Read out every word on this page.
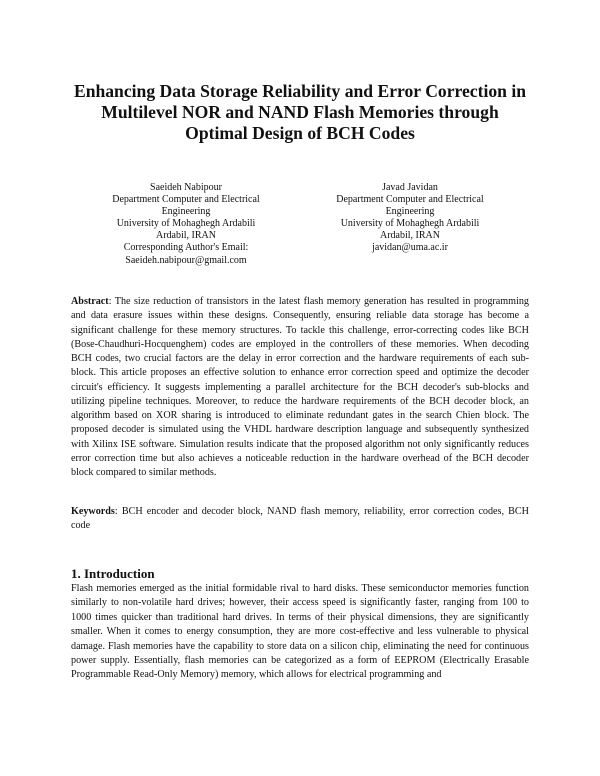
Enhancing Data Storage Reliability and Error Correction in
Multilevel NOR and NAND Flash Memories through
Optimal Design of BCH Codes
Saeideh Nabipour
Department Computer and Electrical
Engineering
University of Mohaghegh Ardabili
Ardabil, IRAN
Corresponding Author's Email:
Saeideh.nabipour@gmail.com
Javad Javidan
Department Computer and Electrical
Engineering
University of Mohaghegh Ardabili
Ardabil, IRAN
javidan@uma.ac.ir
Abstract: The size reduction of transistors in the latest flash memory generation has resulted in programming and data erasure issues within these designs. Consequently, ensuring reliable data storage has become a significant challenge for these memory structures. To tackle this challenge, error-correcting codes like BCH (Bose-Chaudhuri-Hocquenghem) codes are employed in the controllers of these memories. When decoding BCH codes, two crucial factors are the delay in error correction and the hardware requirements of each sub-block. This article proposes an effective solution to enhance error correction speed and optimize the decoder circuit's efficiency. It suggests implementing a parallel architecture for the BCH decoder's sub-blocks and utilizing pipeline techniques. Moreover, to reduce the hardware requirements of the BCH decoder block, an algorithm based on XOR sharing is introduced to eliminate redundant gates in the search Chien block. The proposed decoder is simulated using the VHDL hardware description language and subsequently synthesized with Xilinx ISE software. Simulation results indicate that the proposed algorithm not only significantly reduces error correction time but also achieves a noticeable reduction in the hardware overhead of the BCH decoder block compared to similar methods.
Keywords: BCH encoder and decoder block, NAND flash memory, reliability, error correction codes, BCH code
1. Introduction
Flash memories emerged as the initial formidable rival to hard disks. These semiconductor memories function similarly to non-volatile hard drives; however, their access speed is significantly faster, ranging from 100 to 1000 times quicker than traditional hard drives. In terms of their physical dimensions, they are significantly smaller. When it comes to energy consumption, they are more cost-effective and less vulnerable to physical damage. Flash memories have the capability to store data on a silicon chip, eliminating the need for continuous power supply. Essentially, flash memories can be categorized as a form of EEPROM (Electrically Erasable Programmable Read-Only Memory) memory, which allows for electrical programming and
